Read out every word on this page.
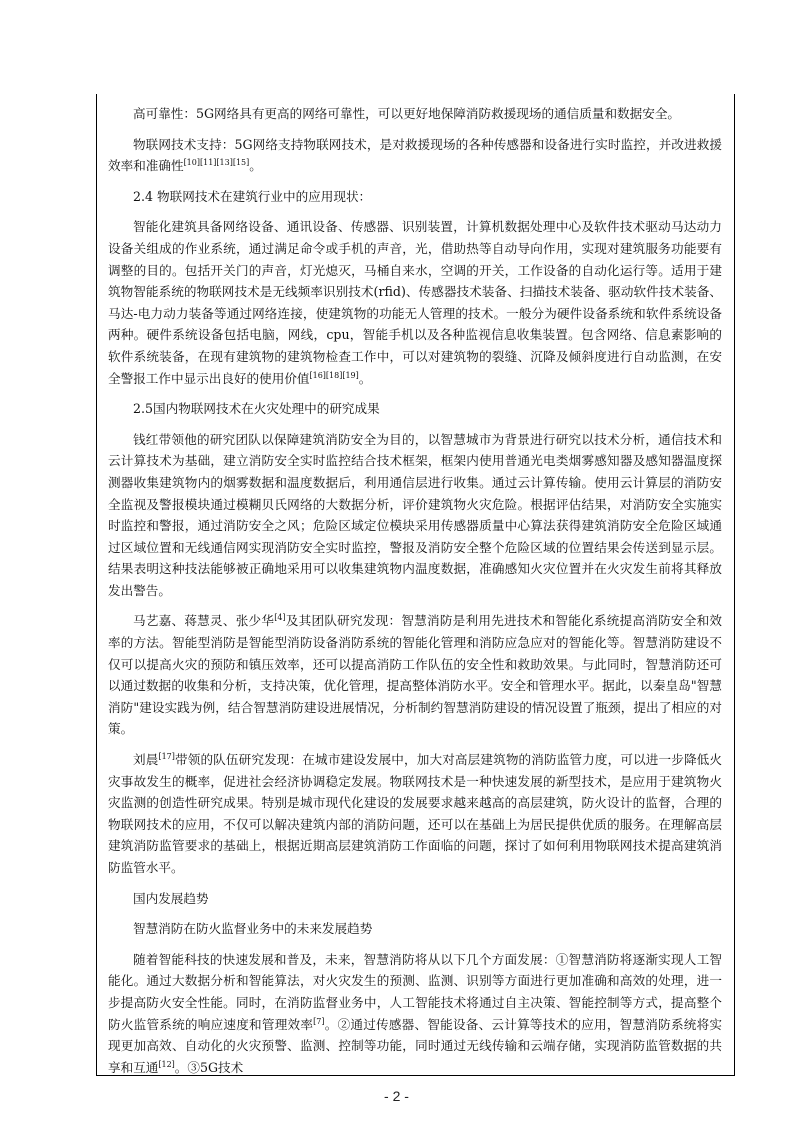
高可靠性：5G网络具有更高的网络可靠性，可以更好地保障消防救援现场的通信质量和数据安全。

物联网技术支持：5G网络支持物联网技术，是对救援现场的各种传感器和设备进行实时监控，并改进救援效率和准确性[10][11][13][15]。

2.4 物联网技术在建筑行业中的应用现状：

智能化建筑具备网络设备、通讯设备、传感器、识别装置，计算机数据处理中心及软件技术驱动马达动力设备关组成的作业系统，通过满足命令或手机的声音，光，借助热等自动导向作用，实现对建筑服务功能要有调整的目的。包括开关门的声音，灯光熄灭，马桶自来水，空调的开关，工作设备的自动化运行等。适用于建筑物智能系统的物联网技术是无线频率识别技术(rfid)、传感器技术装备、扫描技术装备、驱动软件技术装备、马达-电力动力装备等通过网络连接，使建筑物的功能无人管理的技术。一般分为硬件设备系统和软件系统设备两种。硬件系统设备包括电脑，网线，cpu，智能手机以及各种监视信息收集装置。包含网络、信息素影响的软件系统装备，在现有建筑物的建筑物检查工作中，可以对建筑物的裂缝、沉降及倾斜度进行自动监测，在安全警报工作中显示出良好的使用价值[16][18][19]。

2.5国内物联网技术在火灾处理中的研究成果

钱红带领他的研究团队以保障建筑消防安全为目的，以智慧城市为背景进行研究以技术分析，通信技术和云计算技术为基础，建立消防安全实时监控结合技术框架，框架内使用普通光电类烟雾感知器及感知器温度探测器收集建筑物内的烟雾数据和温度数据后，利用通信层进行收集。通过云计算传输。使用云计算层的消防安全监视及警报模块通过模糊贝氏网络的大数据分析，评价建筑物火灾危险。根据评估结果，对消防安全实施实时监控和警报，通过消防安全之风；危险区域定位模块采用传感器质量中心算法获得建筑消防安全危险区域通过区域位置和无线通信网实现消防安全实时监控，警报及消防安全整个危险区域的位置结果会传送到显示层。结果表明这种技法能够被正确地采用可以收集建筑物内温度数据，准确感知火灾位置并在火灾发生前将其释放发出警告。

马艺嘉、蒋慧灵、张少华[4]及其团队研究发现：智慧消防是利用先进技术和智能化系统提高消防安全和效率的方法。智能型消防是智能型消防设备消防系统的智能化管理和消防应急应对的智能化等。智慧消防建设不仅可以提高火灾的预防和镇压效率，还可以提高消防工作队伍的安全性和救助效果。与此同时，智慧消防还可以通过数据的收集和分析，支持决策，优化管理，提高整体消防水平。安全和管理水平。据此，以秦皇岛"智慧消防"建设实践为例，结合智慧消防建设进展情况，分析制约智慧消防建设的情况设置了瓶颈，提出了相应的对策。

刘晨[17]带领的队伍研究发现：在城市建设发展中，加大对高层建筑物的消防监管力度，可以进一步降低火灾事故发生的概率，促进社会经济协调稳定发展。物联网技术是一种快速发展的新型技术，是应用于建筑物火灾监测的创造性研究成果。特别是城市现代化建设的发展要求越来越高的高层建筑，防火设计的监督，合理的物联网技术的应用，不仅可以解决建筑内部的消防问题，还可以在基础上为居民提供优质的服务。在理解高层建筑消防监管要求的基础上，根据近期高层建筑消防工作面临的问题，探讨了如何利用物联网技术提高建筑消防监管水平。

国内发展趋势

智慧消防在防火监督业务中的未来发展趋势

随着智能科技的快速发展和普及，未来，智慧消防将从以下几个方面发展：①智慧消防将逐渐实现人工智能化。通过大数据分析和智能算法，对火灾发生的预测、监测、识别等方面进行更加准确和高效的处理，进一步提高防火安全性能。同时，在消防监督业务中，人工智能技术将通过自主决策、智能控制等方式，提高整个防火监管系统的响应速度和管理效率[7]。②通过传感器、智能设备、云计算等技术的应用，智慧消防系统将实现更加高效、自动化的火灾预警、监测、控制等功能，同时通过无线传输和云端存储，实现消防监管数据的共享和互通[12]。③5G技术

- 2 -
